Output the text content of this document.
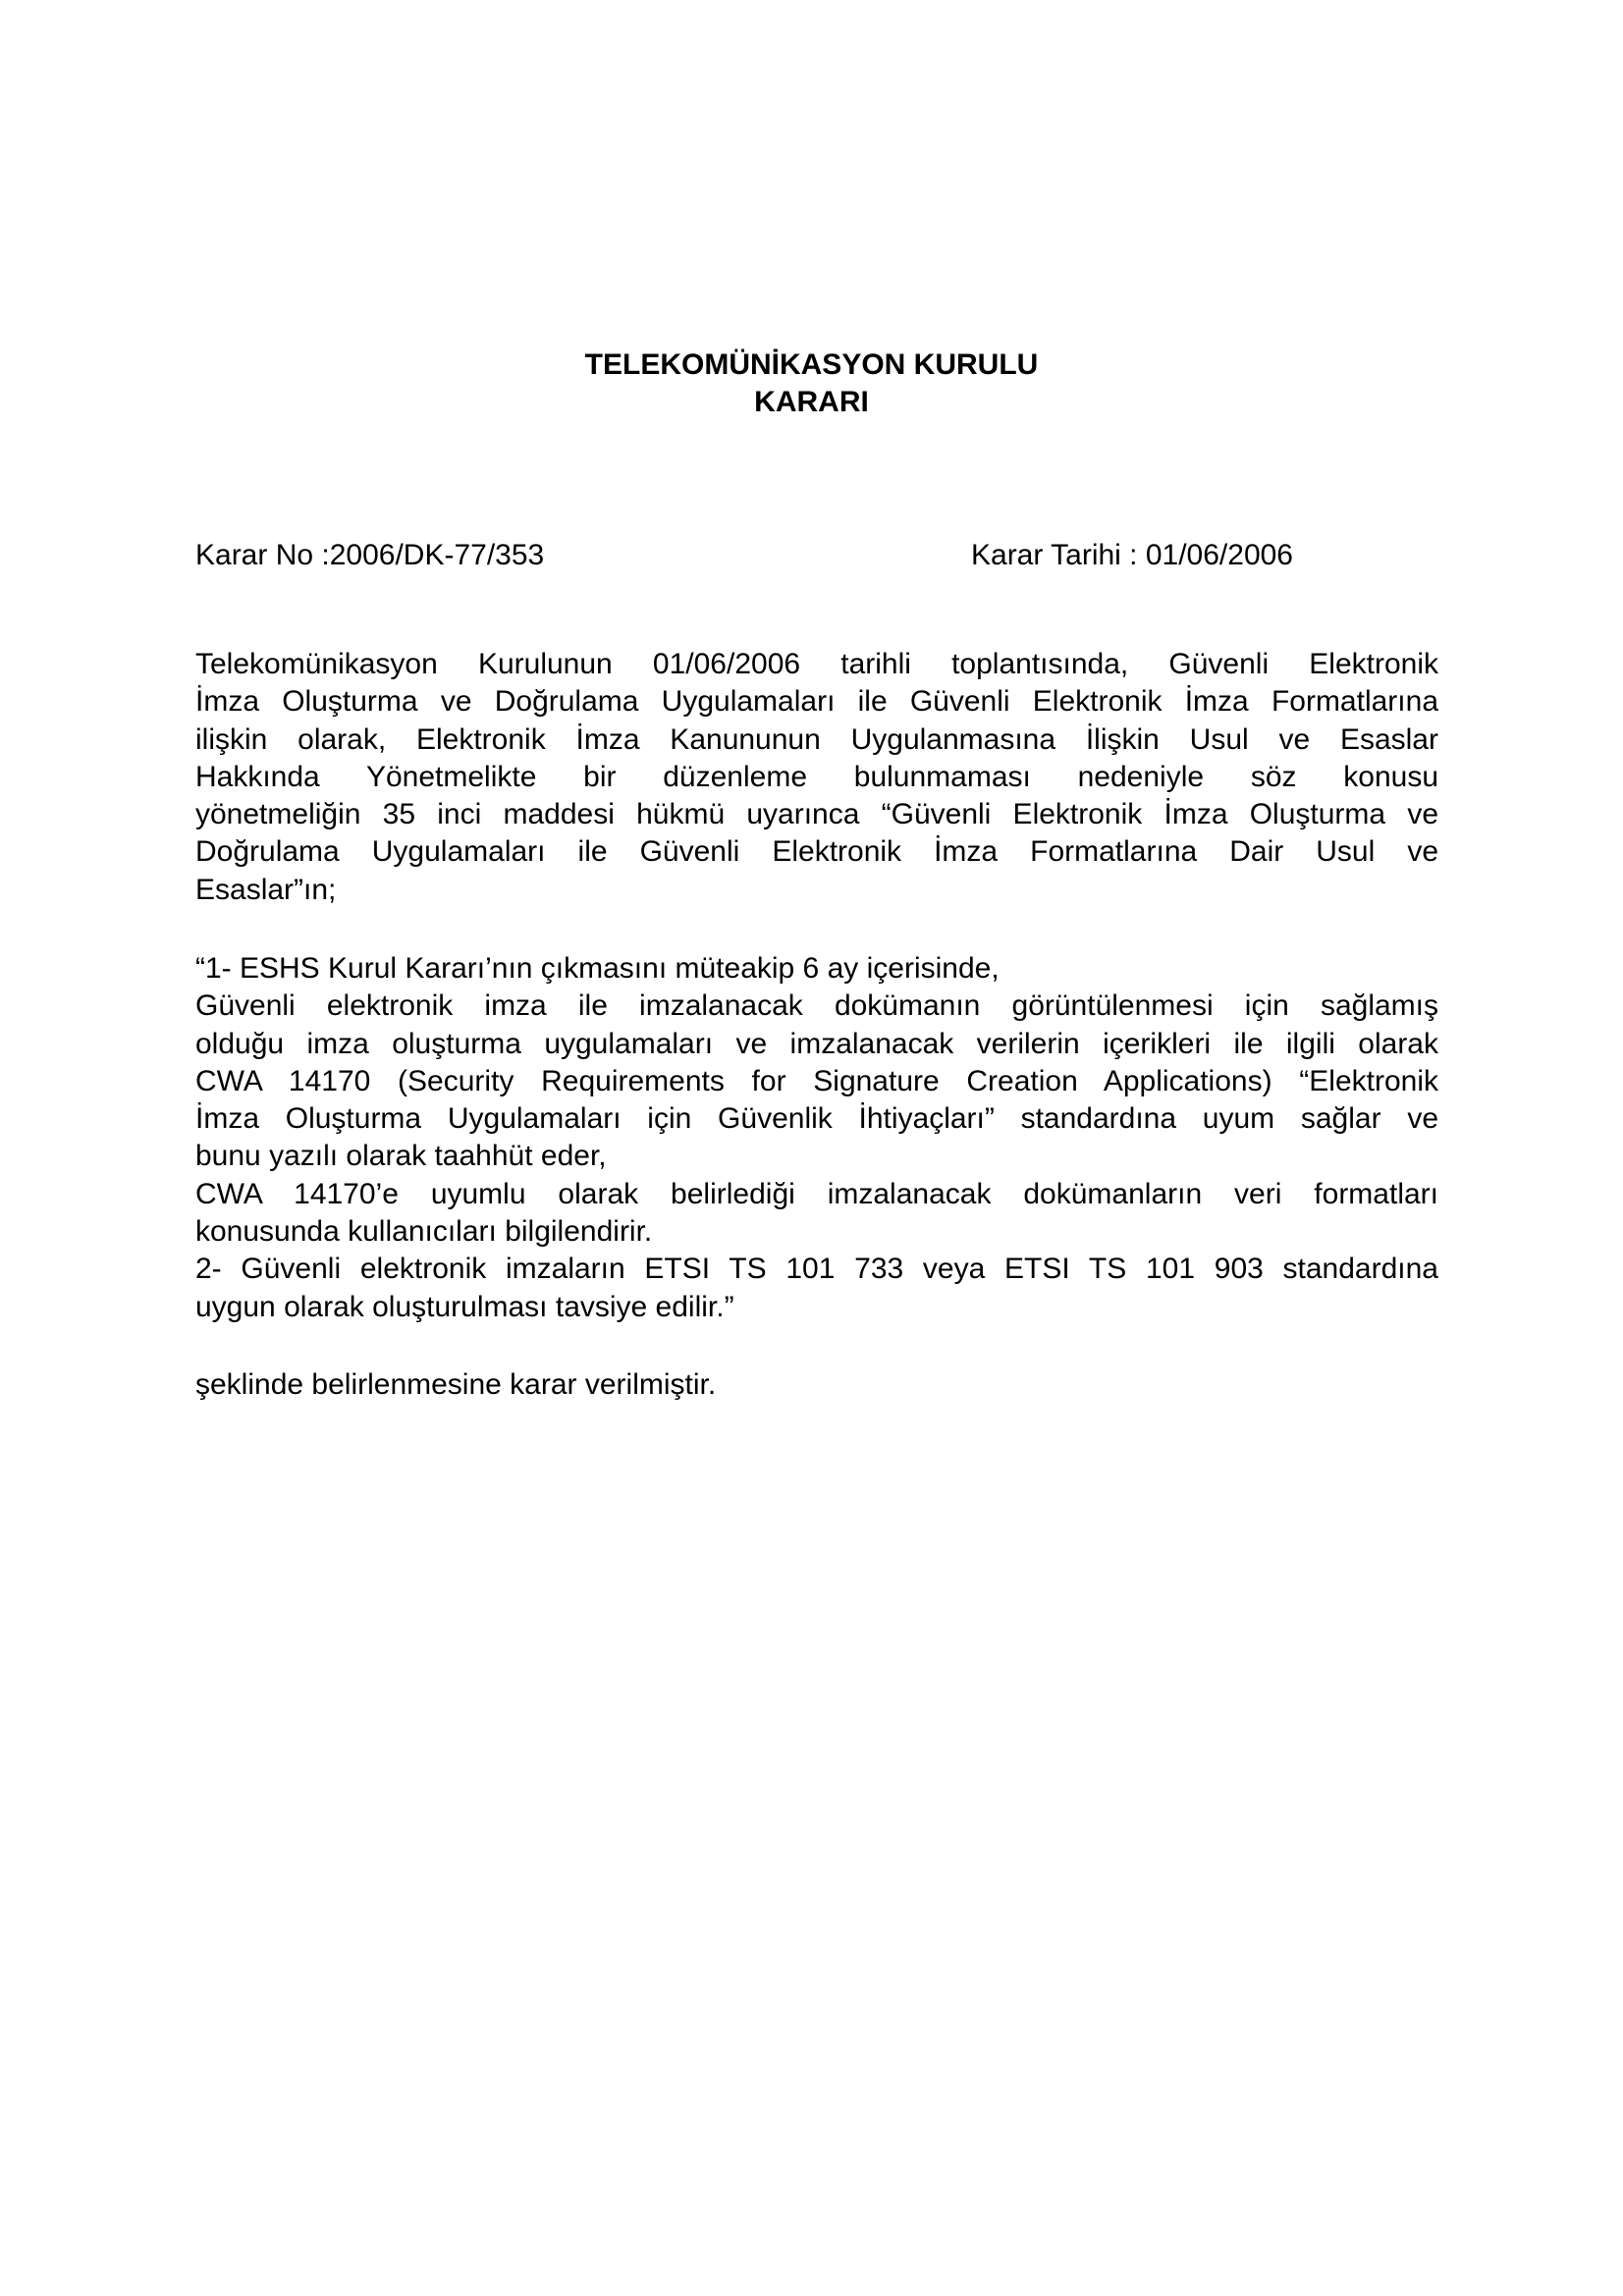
TELEKOMÜNİKASYON KURULU
KARARI
Karar No :2006/DK-77/353	Karar Tarihi : 01/06/2006
Telekomünikasyon Kurulunun 01/06/2006 tarihli toplantısında, Güvenli Elektronik
İmza Oluşturma ve Doğrulama Uygulamaları ile Güvenli Elektronik İmza Formatlarına
ilişkin olarak, Elektronik İmza Kanununun Uygulanmasına İlişkin Usul ve Esaslar
Hakkında Yönetmelikte bir düzenleme bulunmaması nedeniyle söz konusu
yönetmeliğin 35 inci maddesi hükmü uyarınca “Güvenli Elektronik İmza Oluşturma ve
Doğrulama Uygulamaları ile Güvenli Elektronik İmza Formatlarına Dair Usul ve
Esaslar”ın;
“1- ESHS Kurul Kararı’nın çıkmasını müteakip 6 ay içerisinde,
Güvenli elektronik imza ile imzalanacak dokümanın görüntülenmesi için sağlamış
olduğu imza oluşturma uygulamaları ve imzalanacak verilerin içerikleri ile ilgili olarak
CWA 14170 (Security Requirements for Signature Creation Applications) “Elektronik
İmza Oluşturma Uygulamaları için Güvenlik İhtiyaçları” standardına uyum sağlar ve
bunu yazılı olarak taahhüt eder,
CWA 14170’e uyumlu olarak belirlediği imzalanacak dokümanların veri formatları
konusunda kullanıcıları bilgilendirir.
2- Güvenli elektronik imzaların ETSI TS 101 733 veya ETSI TS 101 903 standardına
uygun olarak oluşturulması tavsiye edilir.”
şeklinde belirlenmesine karar verilmiştir.
